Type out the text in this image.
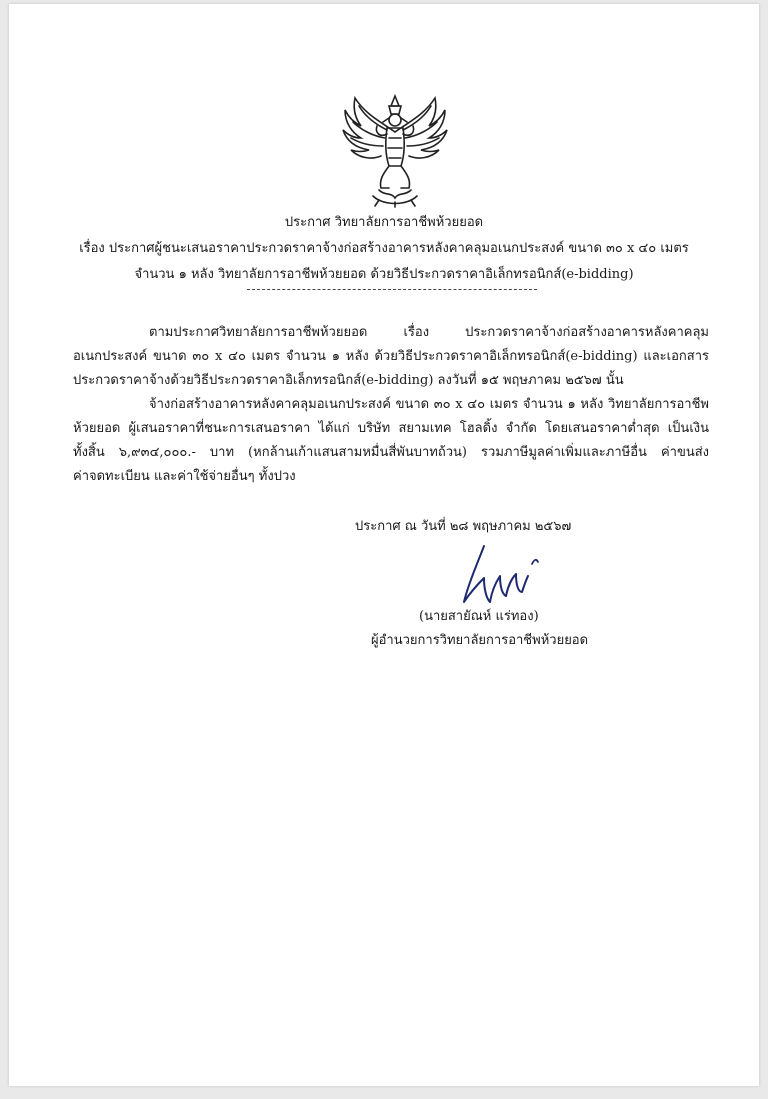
ประกาศ วิทยาลัยการอาชีพห้วยยอด
เรื่อง ประกาศผู้ชนะเสนอราคาประกวดราคาจ้างก่อสร้างอาคารหลังคาคลุมอเนกประสงค์ ขนาด ๓๐ x ๔๐ เมตร
จำนวน ๑ หลัง วิทยาลัยการอาชีพห้วยยอด ด้วยวิธีประกวดราคาอิเล็กทรอนิกส์(e-bidding)
ตามประกาศวิทยาลัยการอาชีพห้วยยอด เรื่อง ประกวดราคาจ้างก่อสร้างอาคารหลังคาคลุม
อเนกประสงค์ ขนาด ๓๐ x ๔๐ เมตร จำนวน ๑ หลัง ด้วยวิธีประกวดราคาอิเล็กทรอนิกส์(e-bidding) และเอกสาร
ประกวดราคาจ้างด้วยวิธีประกวดราคาอิเล็กทรอนิกส์(e-bidding) ลงวันที่ ๑๕ พฤษภาคม ๒๕๖๗ นั้น
จ้างก่อสร้างอาคารหลังคาคลุมอเนกประสงค์ ขนาด ๓๐ x ๔๐ เมตร จำนวน ๑ หลัง วิทยาลัยการอาชีพ
ห้วยยอด ผู้เสนอราคาที่ชนะการเสนอราคา ได้แก่ บริษัท สยามเทค โฮลดิ้ง จำกัด โดยเสนอราคาต่ำสุด เป็นเงิน
ทั้งสิ้น ๖,๙๓๔,๐๐๐.- บาท (หกล้านเก้าแสนสามหมื่นสี่พันบาทถ้วน) รวมภาษีมูลค่าเพิ่มและภาษีอื่น ค่าขนส่ง
ค่าจดทะเบียน และค่าใช้จ่ายอื่นๆ ทั้งปวง
ประกาศ ณ วันที่ ๒๘ พฤษภาคม ๒๕๖๗
(นายสายัณห์ แร่ทอง)
ผู้อำนวยการวิทยาลัยการอาชีพห้วยยอด
